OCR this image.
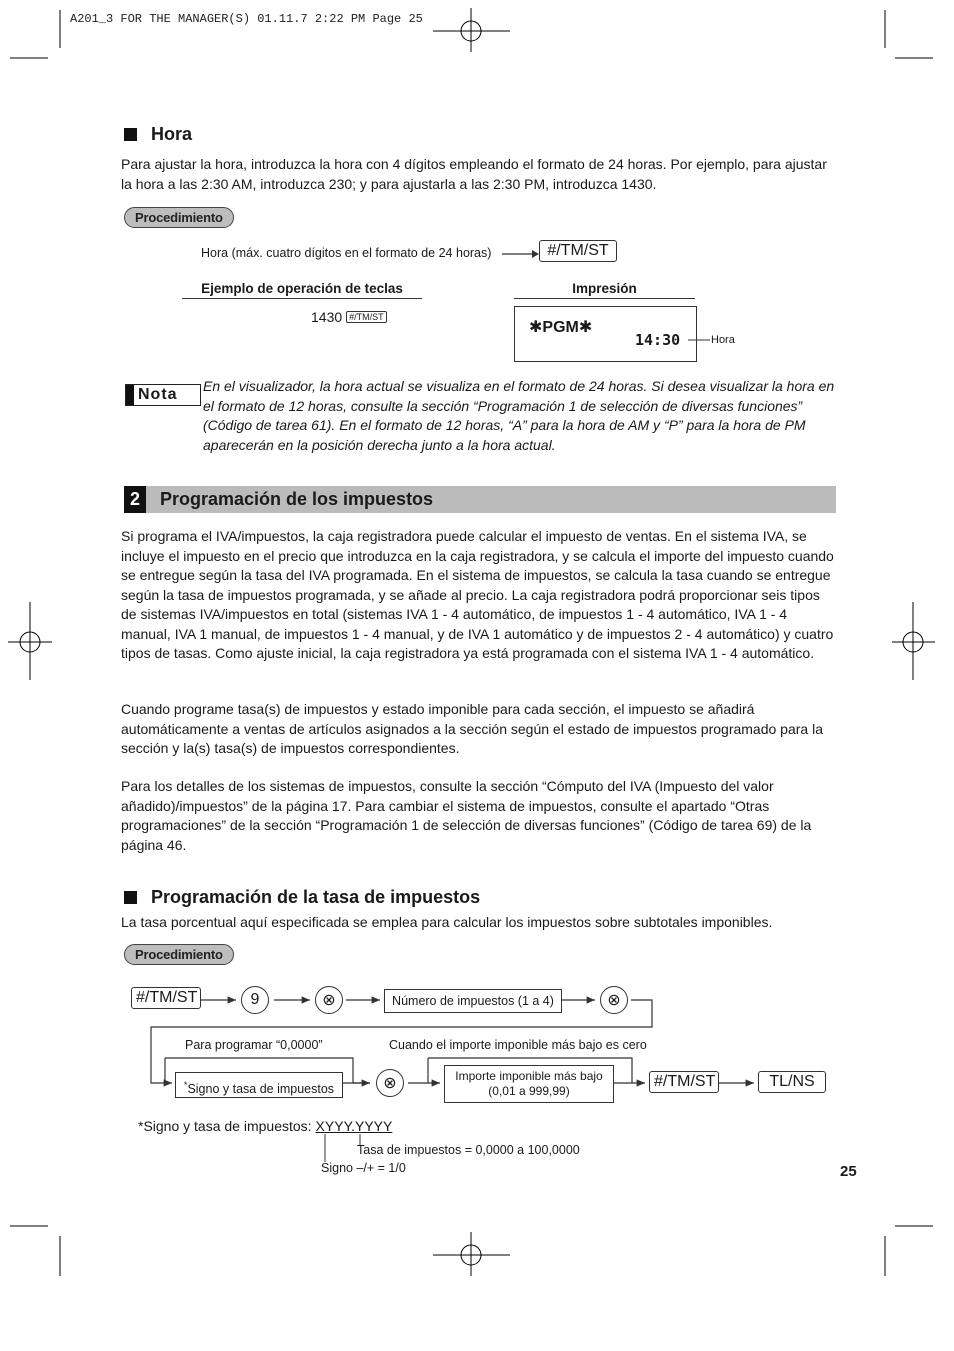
A201_3 FOR THE MANAGER(S) 01.11.7 2:22 PM Page 25
Hora
Para ajustar la hora, introduzca la hora con 4 dígitos empleando el formato de 24 horas. Por ejemplo, para ajustar la hora a las 2:30 AM, introduzca 230; y para ajustarla a las 2:30 PM, introduzca 1430.
Procedimiento
Hora (máx. cuatro dígitos en el formato de 24 horas)	#/TM/ST
Ejemplo de operación de teclas	Impresión
1430 #/TM/ST
✱PGM✱
14:30	Hora
Nota	En el visualizador, la hora actual se visualiza en el formato de 24 horas. Si desea visualizar la hora en el formato de 12 horas, consulte la sección “Programación 1 de selección de diversas funciones” (Código de tarea 61). En el formato de 12 horas, “A” para la hora de AM y “P” para la hora de PM aparecerán en la posición derecha junto a la hora actual.
2	Programación de los impuestos
Si programa el IVA/impuestos, la caja registradora puede calcular el impuesto de ventas. En el sistema IVA, se incluye el impuesto en el precio que introduzca en la caja registradora, y se calcula el importe del impuesto cuando se entregue según la tasa del IVA programada. En el sistema de impuestos, se calcula la tasa cuando se entregue según la tasa de impuestos programada, y se añade al precio. La caja registradora podrá proporcionar seis tipos de sistemas IVA/impuestos en total (sistemas IVA 1 - 4 automático, de impuestos 1 - 4 automático, IVA 1 - 4 manual, IVA 1 manual, de impuestos 1 - 4 manual, y de IVA 1 automático y de impuestos 2 - 4 automático) y cuatro tipos de tasas. Como ajuste inicial, la caja registradora ya está programada con el sistema IVA 1 - 4 automático.
Cuando programe tasa(s) de impuestos y estado imponible para cada sección, el impuesto se añadirá automáticamente a ventas de artículos asignados a la sección según el estado de impuestos programado para la sección y la(s) tasa(s) de impuestos correspondientes.
Para los detalles de los sistemas de impuestos, consulte la sección “Cómputo del IVA (Impuesto del valor añadido)/impuestos” de la página 17. Para cambiar el sistema de impuestos, consulte el apartado “Otras programaciones” de la sección “Programación 1 de selección de diversas funciones” (Código de tarea 69) de la página 46.
Programación de la tasa de impuestos
La tasa porcentual aquí especificada se emplea para calcular los impuestos sobre subtotales imponibles.
Procedimiento
#/TM/ST	9	⊗	Número de impuestos (1 a 4)	⊗
Para programar “0,0000”	Cuando el importe imponible más bajo es cero
*Signo y tasa de impuestos	⊗	Importe imponible más bajo
(0,01 a 999,99)
#/TM/ST	TL/NS
*Signo y tasa de impuestos: X YYY.YYYY
Tasa de impuestos = 0,0000 a 100,0000
Signo –/+ = 1/0	25
